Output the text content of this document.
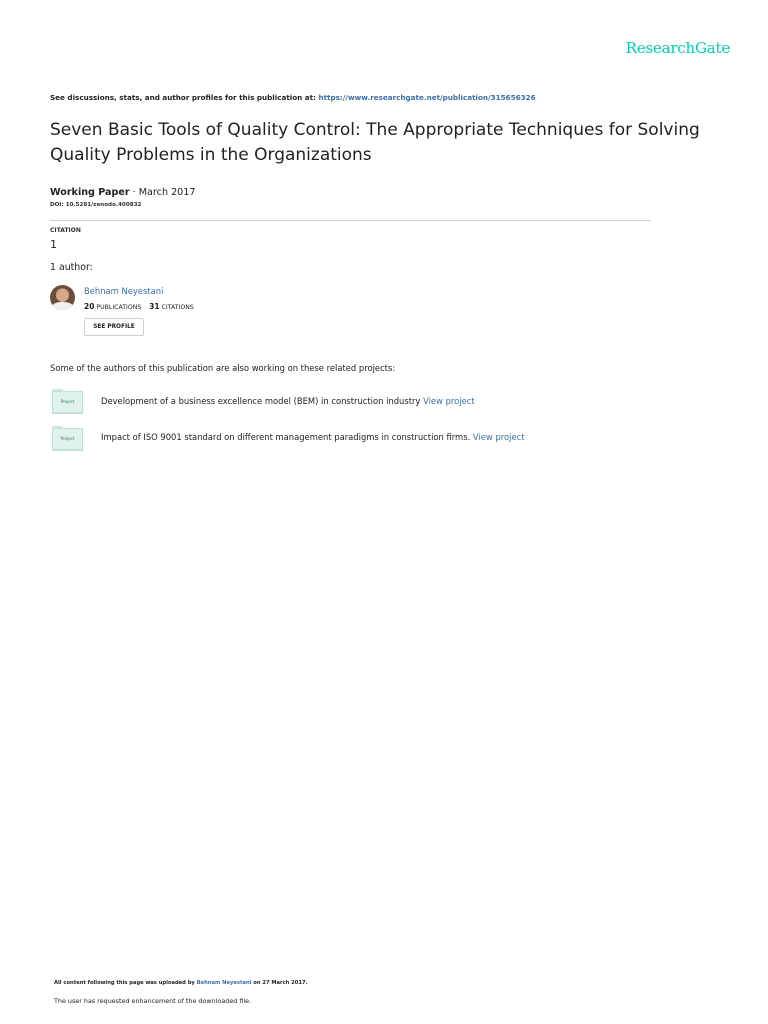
ResearchGate
See discussions, stats, and author profiles for this publication at: https://www.researchgate.net/publication/315656326
Seven Basic Tools of Quality Control: The Appropriate Techniques for Solving
Quality Problems in the Organizations
Working Paper · March 2017
DOI: 10.5281/zenodo.400832
CITATION
1
1 author:
Behnam Neyestani
20 PUBLICATIONS 31 CITATIONS
SEE PROFILE
Some of the authors of this publication are also working on these related projects:
Project	Development of a business excellence model (BEM) in construction industry View project
Project	Impact of ISO 9001 standard on different management paradigms in construction firms. View project
All content following this page was uploaded by Behnam Neyestani on 27 March 2017.
The user has requested enhancement of the downloaded file.
